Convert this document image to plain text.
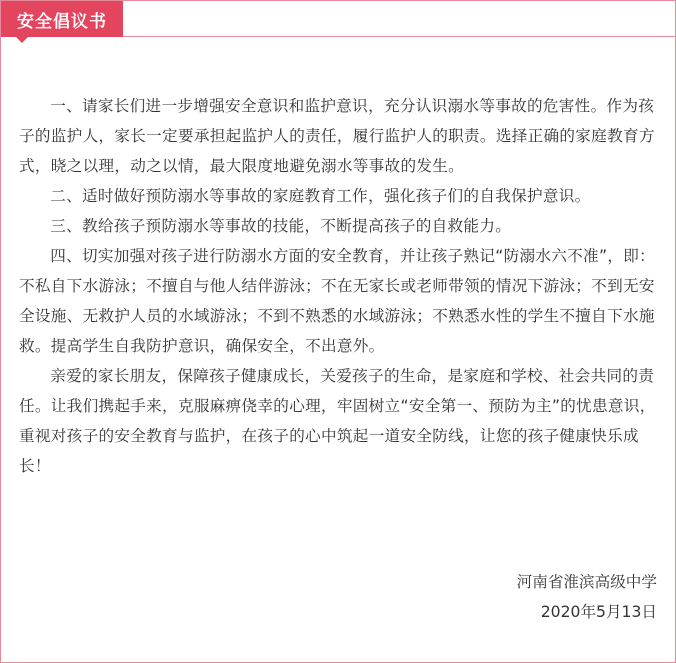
安全倡议书

一、请家长们进一步增强安全意识和监护意识，充分认识溺水等事故的危害性。作为孩子的监护人，家长一定要承担起监护人的责任，履行监护人的职责。选择正确的家庭教育方式，晓之以理，动之以情，最大限度地避免溺水等事故的发生。

二、适时做好预防溺水等事故的家庭教育工作，强化孩子们的自我保护意识。

三、教给孩子预防溺水等事故的技能，不断提高孩子的自救能力。

四、切实加强对孩子进行防溺水方面的安全教育，并让孩子熟记“防溺水六不准”，即：不私自下水游泳；不擅自与他人结伴游泳；不在无家长或老师带领的情况下游泳；不到无安全设施、无救护人员的水域游泳；不到不熟悉的水域游泳；不熟悉水性的学生不擅自下水施救。提高学生自我防护意识，确保安全，不出意外。

亲爱的家长朋友，保障孩子健康成长，关爱孩子的生命，是家庭和学校、社会共同的责任。让我们携起手来，克服麻痹侥幸的心理，牢固树立“安全第一、预防为主”的忧患意识，重视对孩子的安全教育与监护，在孩子的心中筑起一道安全防线，让您的孩子健康快乐成长！

河南省淮滨高级中学
2020年5月13日
